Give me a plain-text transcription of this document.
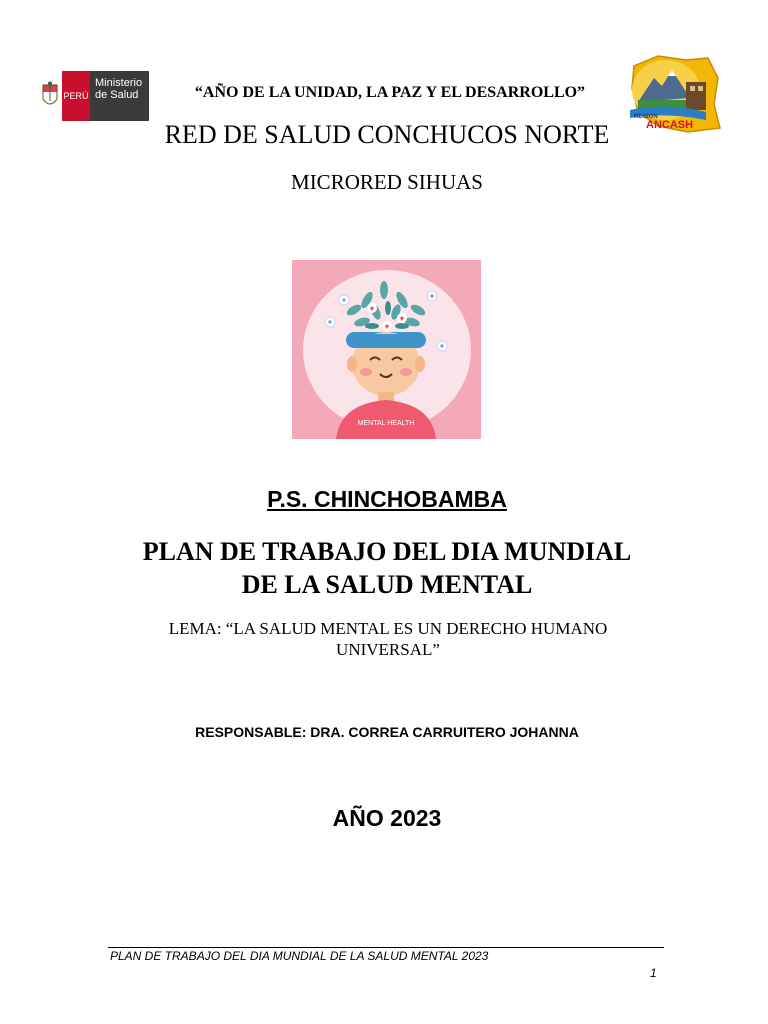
PERÚ
Ministerio
de Salud	“AÑO DE LA UNIDAD, LA PAZ Y EL DESARROLLO”
RED DE SALUD CONCHUCOS NORTE
MICRORED SIHUAS
REGION
ANCASH
MENTAL HEALTH
P.S. CHINCHOBAMBA
PLAN DE TRABAJO DEL DIA MUNDIAL
DE LA SALUD MENTAL
LEMA: “LA SALUD MENTAL ES UN DERECHO HUMANO UNIVERSAL”
RESPONSABLE: DRA. CORREA CARRUITERO JOHANNA
AÑO 2023
PLAN DE TRABAJO DEL DIA MUNDIAL DE LA SALUD MENTAL 2023
1
